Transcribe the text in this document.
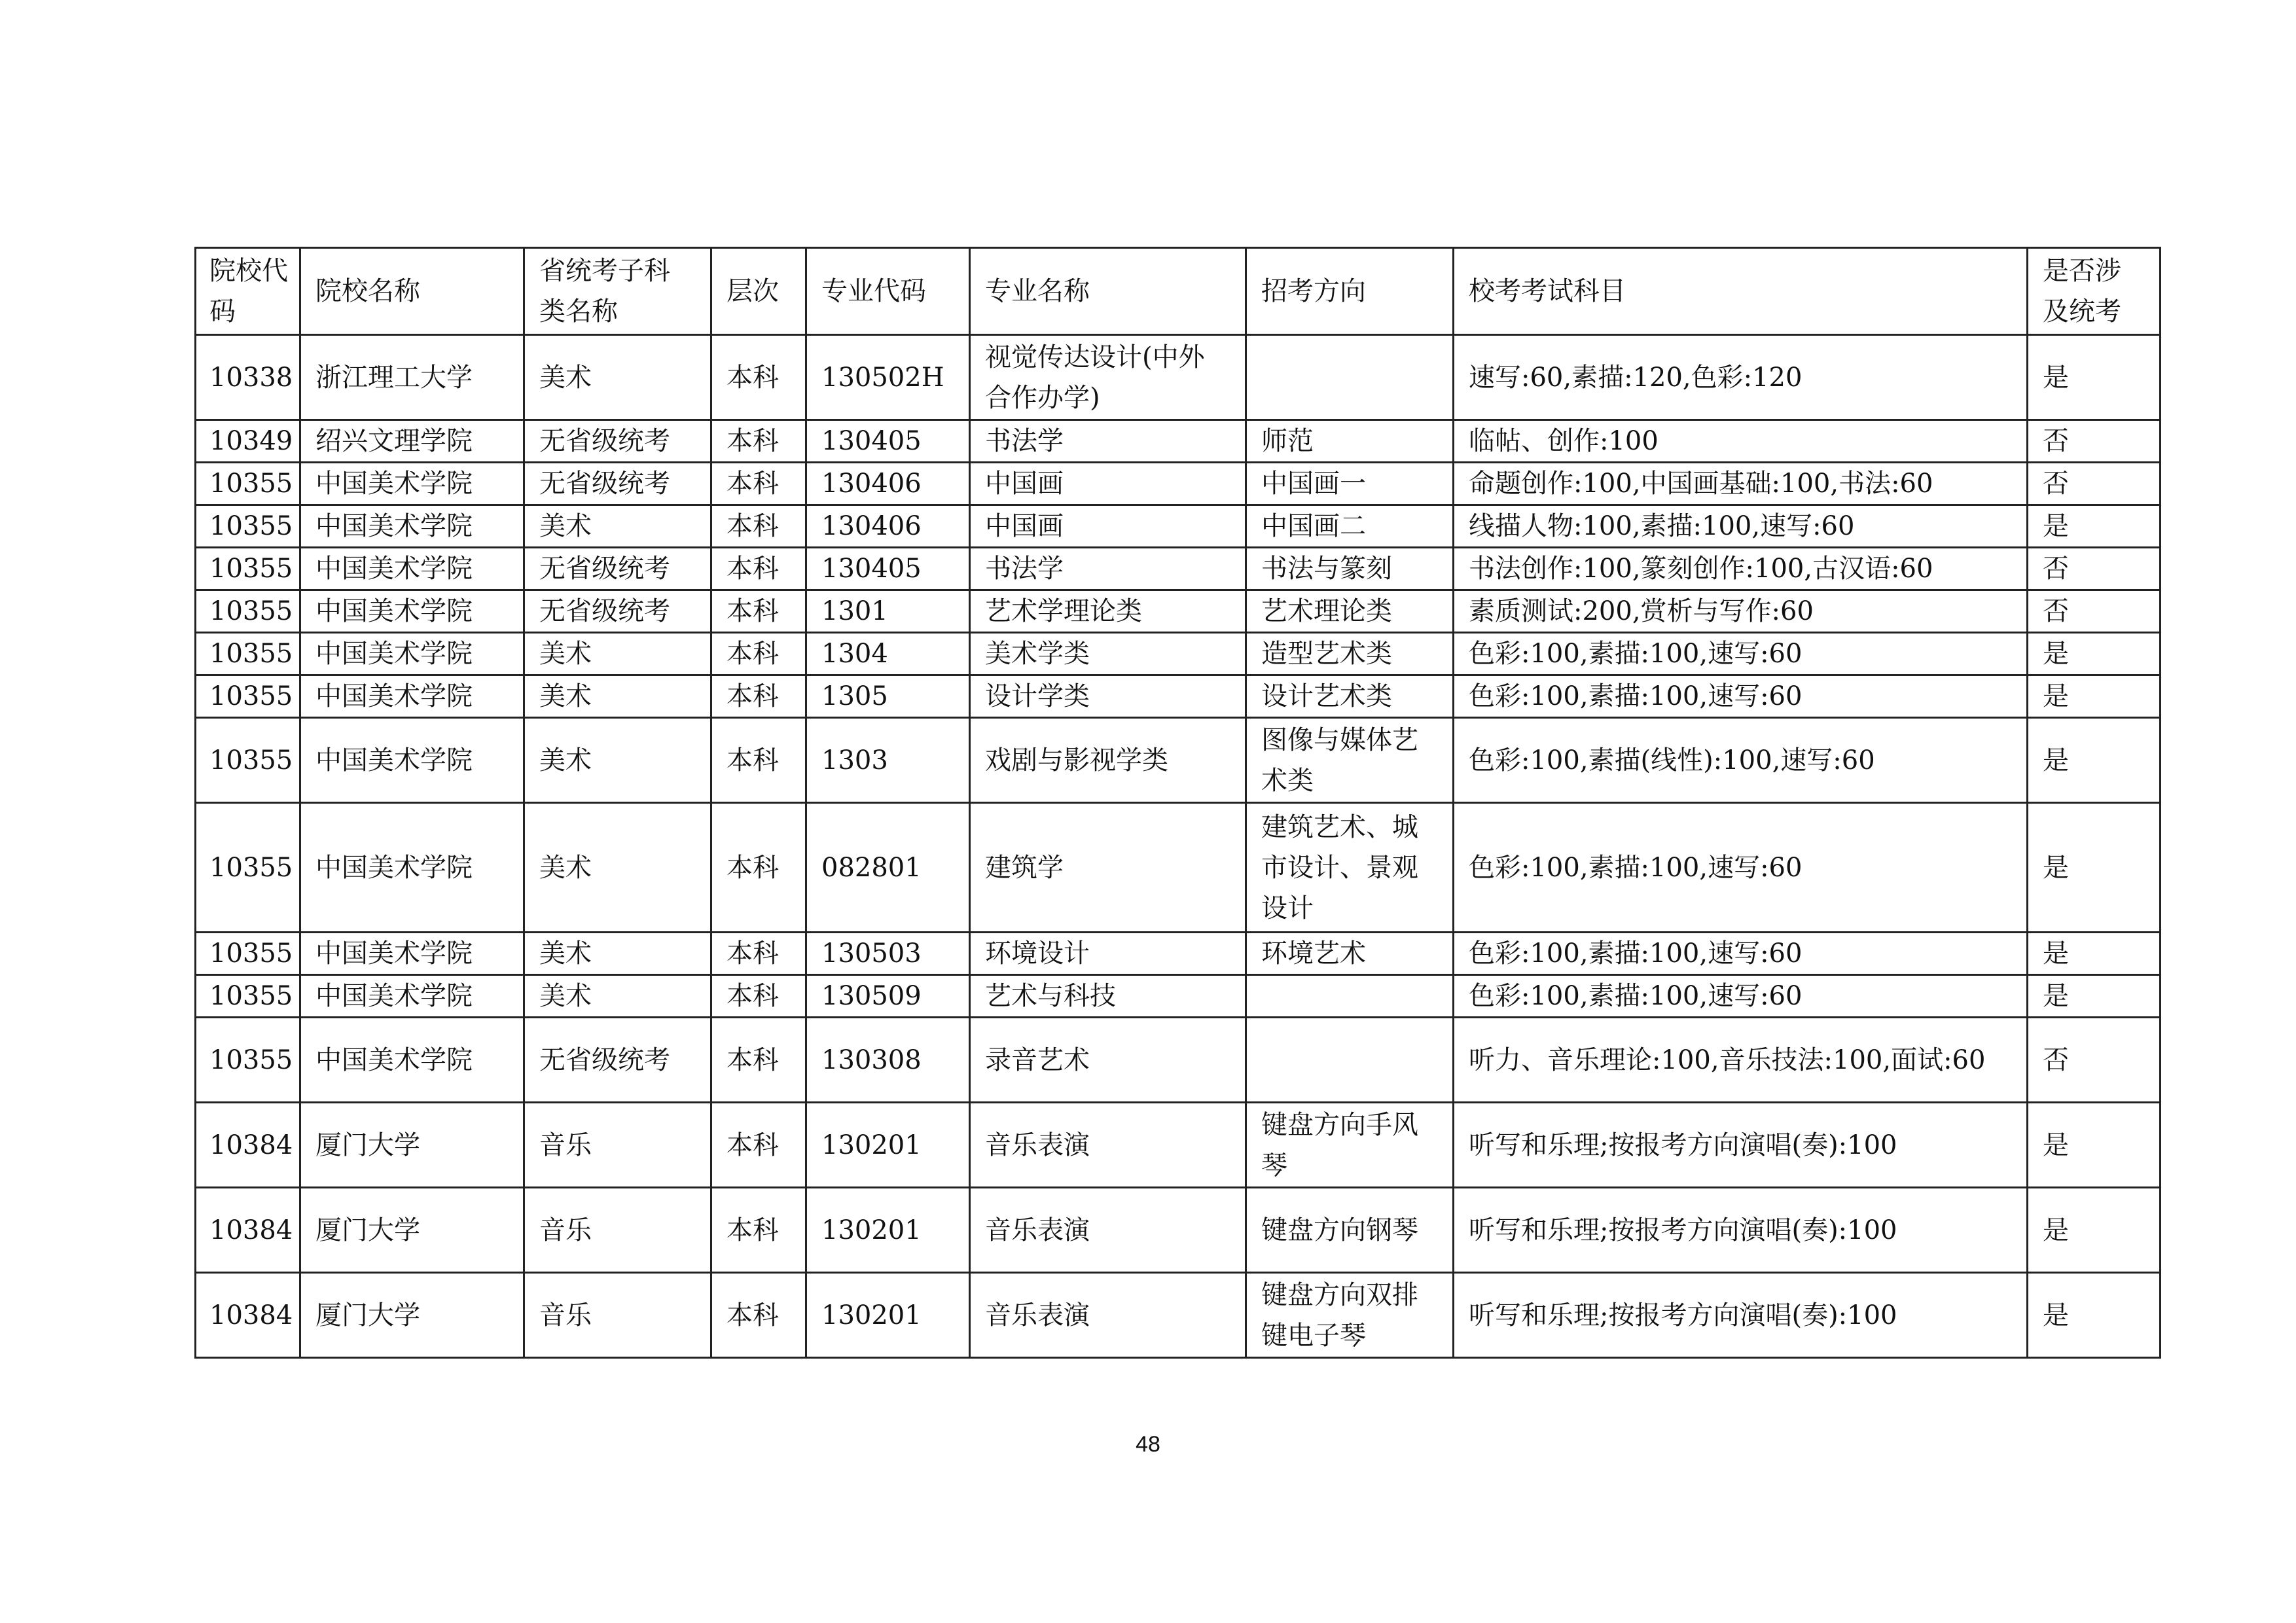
院校代码	院校名称	省统考子科类名称	层次	专业代码	专业名称	招考方向	校考考试科目	是否涉及统考
10338	浙江理工大学	美术	本科	130502H	视觉传达设计(中外合作办学)		速写:60,素描:120,色彩:120	是
10349	绍兴文理学院	无省级统考	本科	130405	书法学	师范	临帖、创作:100	否
10355	中国美术学院	无省级统考	本科	130406	中国画	中国画一	命题创作:100,中国画基础:100,书法:60	否
10355	中国美术学院	美术	本科	130406	中国画	中国画二	线描人物:100,素描:100,速写:60	是
10355	中国美术学院	无省级统考	本科	130405	书法学	书法与篆刻	书法创作:100,篆刻创作:100,古汉语:60	否
10355	中国美术学院	无省级统考	本科	1301	艺术学理论类	艺术理论类	素质测试:200,赏析与写作:60	否
10355	中国美术学院	美术	本科	1304	美术学类	造型艺术类	色彩:100,素描:100,速写:60	是
10355	中国美术学院	美术	本科	1305	设计学类	设计艺术类	色彩:100,素描:100,速写:60	是
10355	中国美术学院	美术	本科	1303	戏剧与影视学类	图像与媒体艺术类	色彩:100,素描(线性):100,速写:60	是
10355	中国美术学院	美术	本科	082801	建筑学	建筑艺术、城市设计、景观设计	色彩:100,素描:100,速写:60	是
10355	中国美术学院	美术	本科	130503	环境设计	环境艺术	色彩:100,素描:100,速写:60	是
10355	中国美术学院	美术	本科	130509	艺术与科技		色彩:100,素描:100,速写:60	是
10355	中国美术学院	无省级统考	本科	130308	录音艺术		听力、音乐理论:100,音乐技法:100,面试:60	否
10384	厦门大学	音乐	本科	130201	音乐表演	键盘方向手风琴	听写和乐理;按报考方向演唱(奏):100	是
10384	厦门大学	音乐	本科	130201	音乐表演	键盘方向钢琴	听写和乐理;按报考方向演唱(奏):100	是
10384	厦门大学	音乐	本科	130201	音乐表演	键盘方向双排键电子琴	听写和乐理;按报考方向演唱(奏):100	是
48
